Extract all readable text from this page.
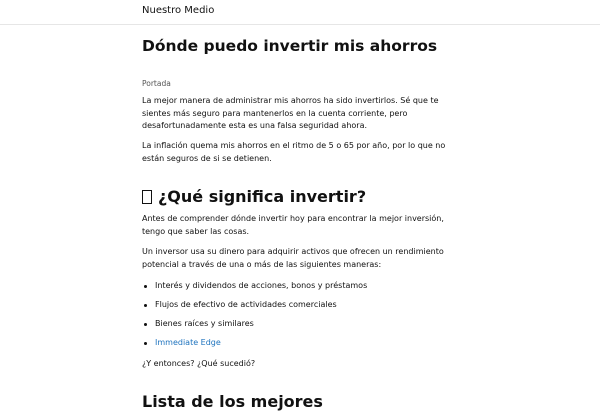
Nuestro Medio
Dónde puedo invertir mis ahorros
Portada

La mejor manera de administrar mis ahorros ha sido invertirlos. Sé que te sientes más seguro para mantenerlos en la cuenta corriente, pero desafortunadamente esta es una falsa seguridad ahora.

La inflación quema mis ahorros en el ritmo de 5 o 65 por año, por lo que no están seguros de si se detienen.

¿Qué significa invertir?

Antes de comprender dónde invertir hoy para encontrar la mejor inversión, tengo que saber las cosas.

Un inversor usa su dinero para adquirir activos que ofrecen un rendimiento potencial a través de una o más de las siguientes maneras:

Interés y dividendos de acciones, bonos y préstamos
Flujos de efectivo de actividades comerciales
Bienes raíces y similares
Immediate Edge

¿Y entonces? ¿Qué sucedió?

Lista de los mejores
